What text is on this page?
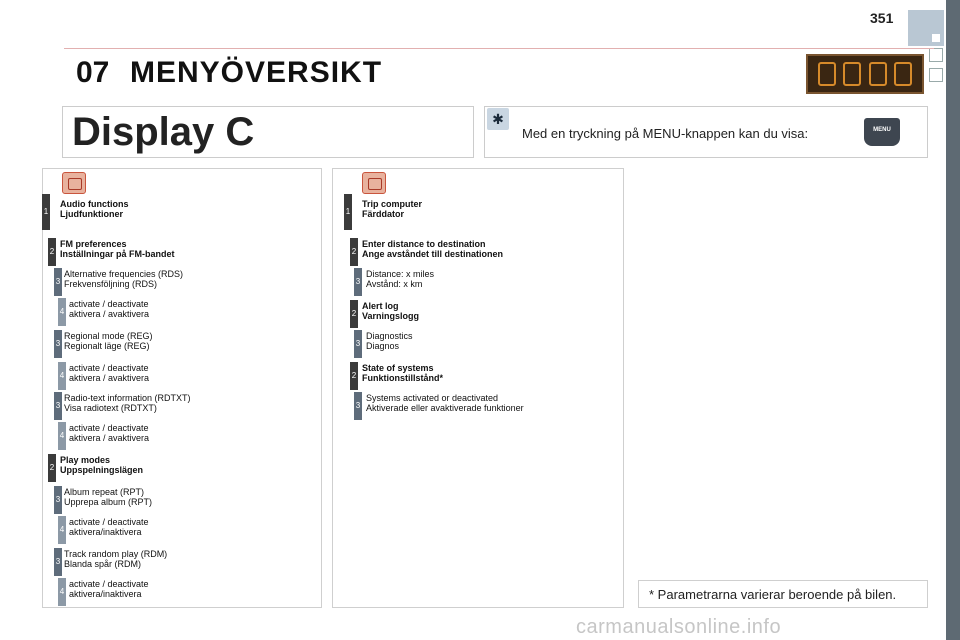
351
07 MENYÖVERSIKT
Display C	✱
Med en tryckning på MENU-knappen kan du visa:	MENU
1
Audio functions
Ljudfunktioner
2
FM preferences
Inställningar på FM-bandet
3
Alternative frequencies (RDS)
Frekvensföljning (RDS)
4
activate / deactivate
aktivera / avaktivera
3
Regional mode (REG)
Regionalt läge (REG)
4
activate / deactivate
aktivera / avaktivera
3
Radio-text information (RDTXT)
Visa radiotext (RDTXT)
4
activate / deactivate
aktivera / avaktivera
2
Play modes
Uppspelningslägen
3
Album repeat (RPT)
Upprepa album (RPT)
4
activate / deactivate
aktivera/inaktivera
3
Track random play (RDM)
Blanda spår (RDM)
4
activate / deactivate
aktivera/inaktivera
1
Trip computer
Färddator
2
Enter distance to destination
Ange avståndet till destinationen
3
Distance: x miles
Avstånd: x km
2
Alert log
Varningslogg
3
Diagnostics
Diagnos
2
State of systems
Funktionstillstånd*
3
Systems activated or deactivated
Aktiverade eller avaktiverade funktioner
* Parametrarna varierar beroende på bilen.
carmanualsonline.info
